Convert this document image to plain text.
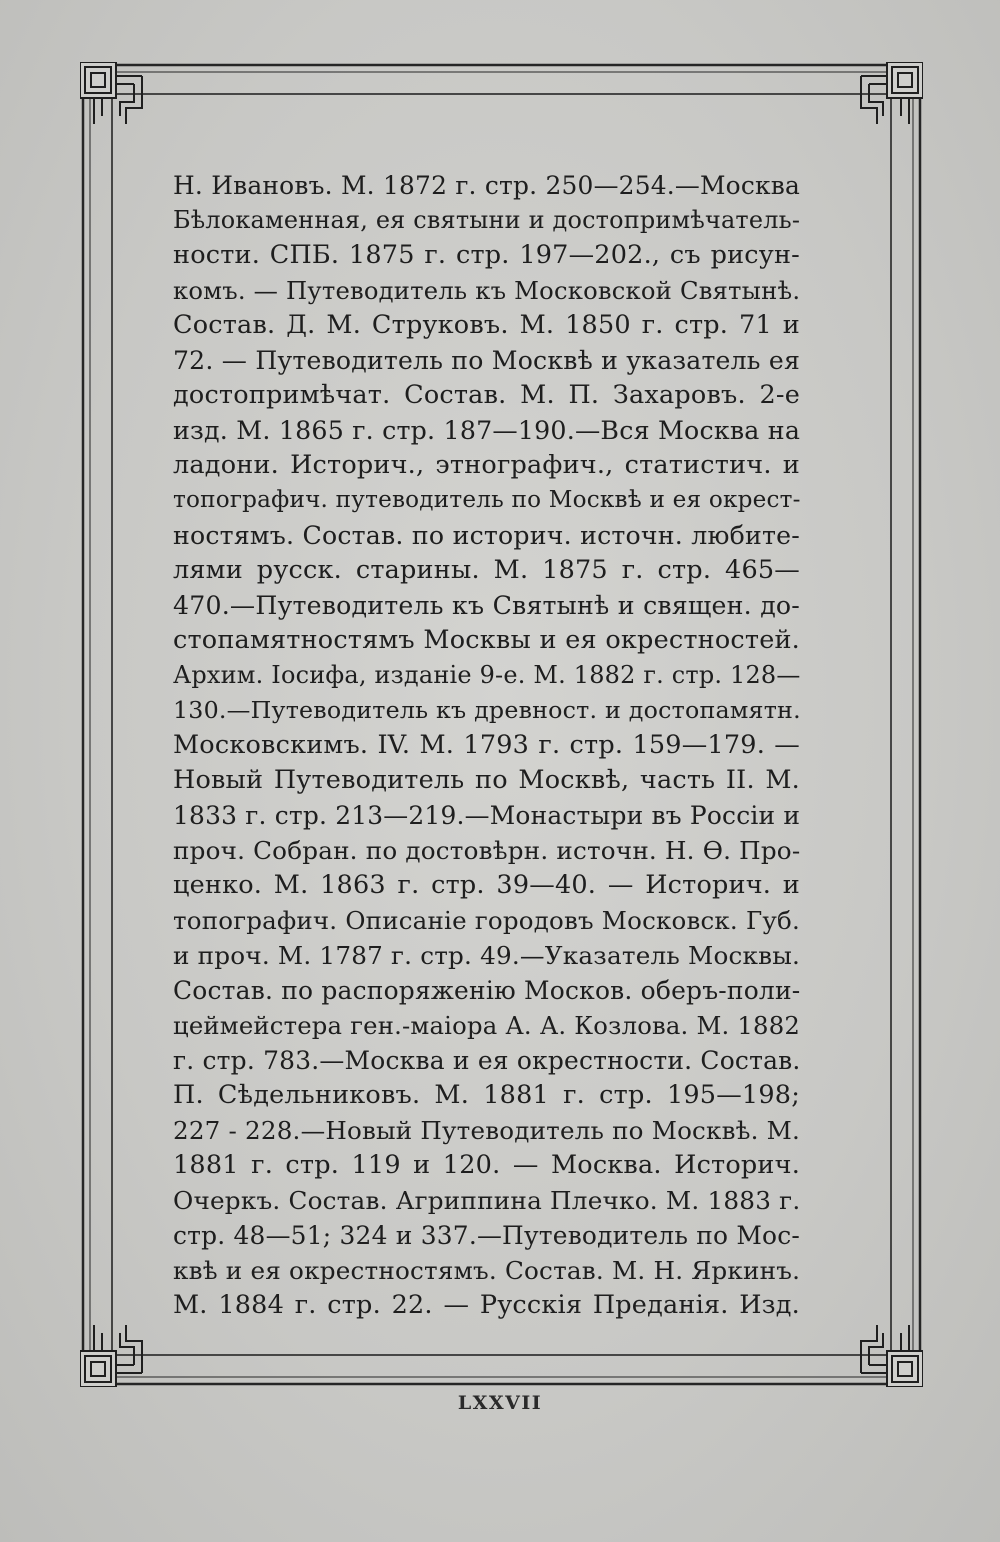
Н. Ивановъ. М. 1872 г. стр. 250—254.—Москва
Бѣлокаменная, ея святыни и достопримѣчатель-
ности. СПБ. 1875 г. стр. 197—202., съ рисун-
комъ. — Путеводитель къ Московской Святынѣ.
Состав. Д. М. Струковъ. М. 1850 г. стр. 71 и
72. — Путеводитель по Москвѣ и указатель ея
достопримѣчат. Состав. М. П. Захаровъ. 2-е
изд. М. 1865 г. стр. 187—190.—Вся Москва на
ладони. Историч., этнографич., статистич. и
топографич. путеводитель по Москвѣ и ея окрест-
ностямъ. Состав. по историч. источн. любите-
лями русск. старины. М. 1875 г. стр. 465—
470.—Путеводитель къ Святынѣ и священ. до-
стопамятностямъ Москвы и ея окрестностей.
Архим. Іосифа, изданіе 9-е. М. 1882 г. стр. 128—
130.—Путеводитель къ древност. и достопамятн.
Московскимъ. IV. М. 1793 г. стр. 159—179. —
Новый Путеводитель по Москвѣ, часть II. М.
1833 г. стр. 213—219.—Монастыри въ Россіи и
проч. Собран. по достовѣрн. источн. Н. Ѳ. Про-
ценко. М. 1863 г. стр. 39—40. — Историч. и
топографич. Описаніе городовъ Московск. Губ.
и проч. М. 1787 г. стр. 49.—Указатель Москвы.
Состав. по распоряженію Москов. оберъ-поли-
цеймейстера ген.-маіора А. А. Козлова. М. 1882
г. стр. 783.—Москва и ея окрестности. Состав.
П. Сѣдельниковъ. М. 1881 г. стр. 195—198;
227 - 228.—Новый Путеводитель по Москвѣ. М.
1881 г. стр. 119 и 120. — Москва. Историч.
Очеркъ. Состав. Агриппина Плечко. М. 1883 г.
стр. 48—51; 324 и 337.—Путеводитель по Мос-
квѣ и ея окрестностямъ. Состав. М. Н. Яркинъ.
М. 1884 г. стр. 22. — Русскія Преданія. Изд.
LXXVII
